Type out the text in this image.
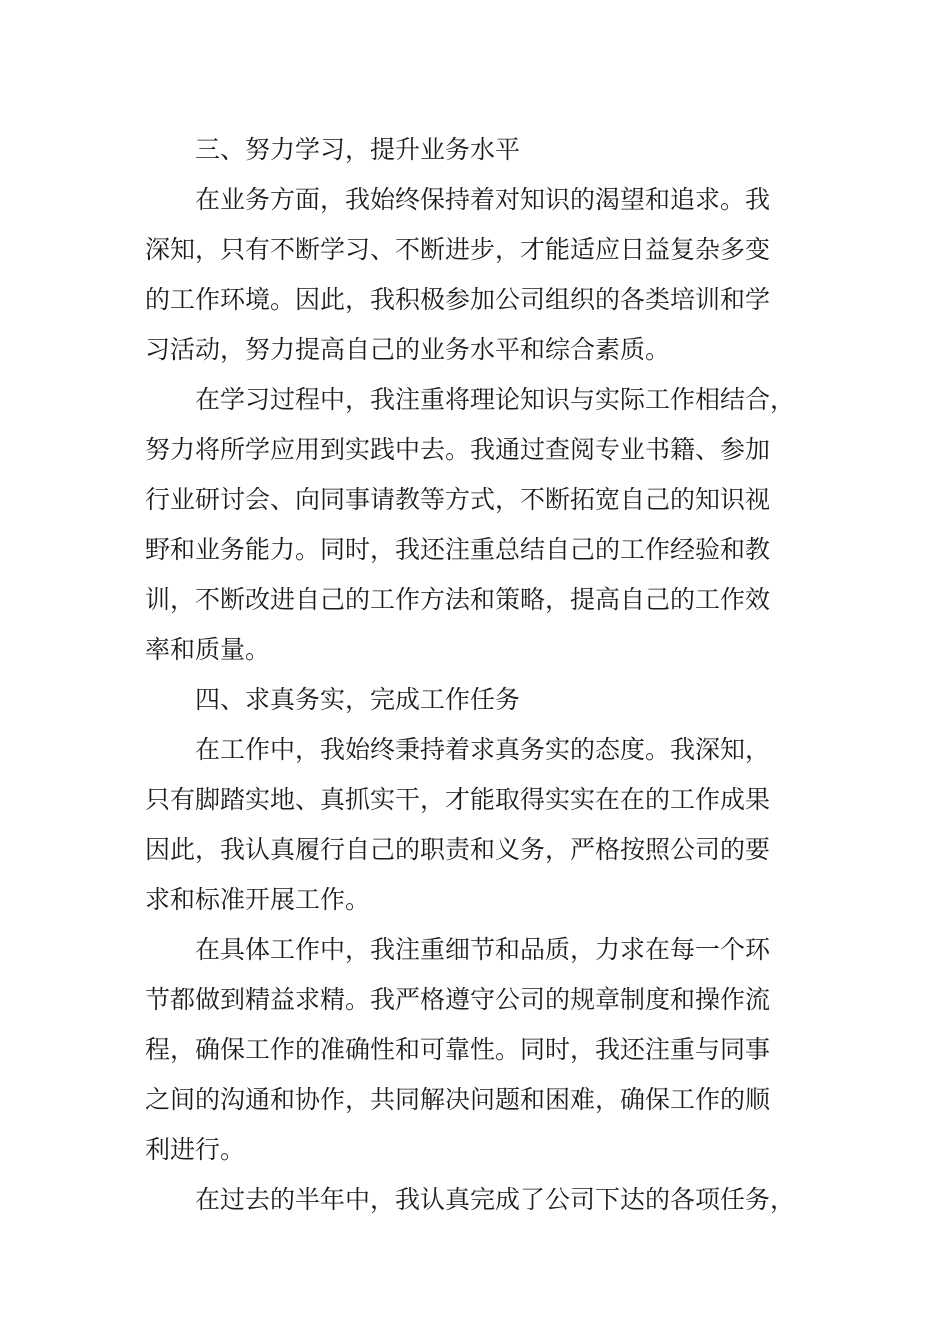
三、努力学习，提升业务水平
在业务方面，我始终保持着对知识的渴望和追求。我
深知，只有不断学习、不断进步，才能适应日益复杂多变
的工作环境。因此，我积极参加公司组织的各类培训和学
习活动，努力提高自己的业务水平和综合素质。
在学习过程中，我注重将理论知识与实际工作相结合，
努力将所学应用到实践中去。我通过查阅专业书籍、参加
行业研讨会、向同事请教等方式，不断拓宽自己的知识视
野和业务能力。同时，我还注重总结自己的工作经验和教
训，不断改进自己的工作方法和策略，提高自己的工作效
率和质量。
四、求真务实，完成工作任务
在工作中，我始终秉持着求真务实的态度。我深知，
只有脚踏实地、真抓实干，才能取得实实在在的工作成果
因此，我认真履行自己的职责和义务，严格按照公司的要
求和标准开展工作。
在具体工作中，我注重细节和品质，力求在每一个环
节都做到精益求精。我严格遵守公司的规章制度和操作流
程，确保工作的准确性和可靠性。同时，我还注重与同事
之间的沟通和协作，共同解决问题和困难，确保工作的顺
利进行。
在过去的半年中，我认真完成了公司下达的各项任务，
